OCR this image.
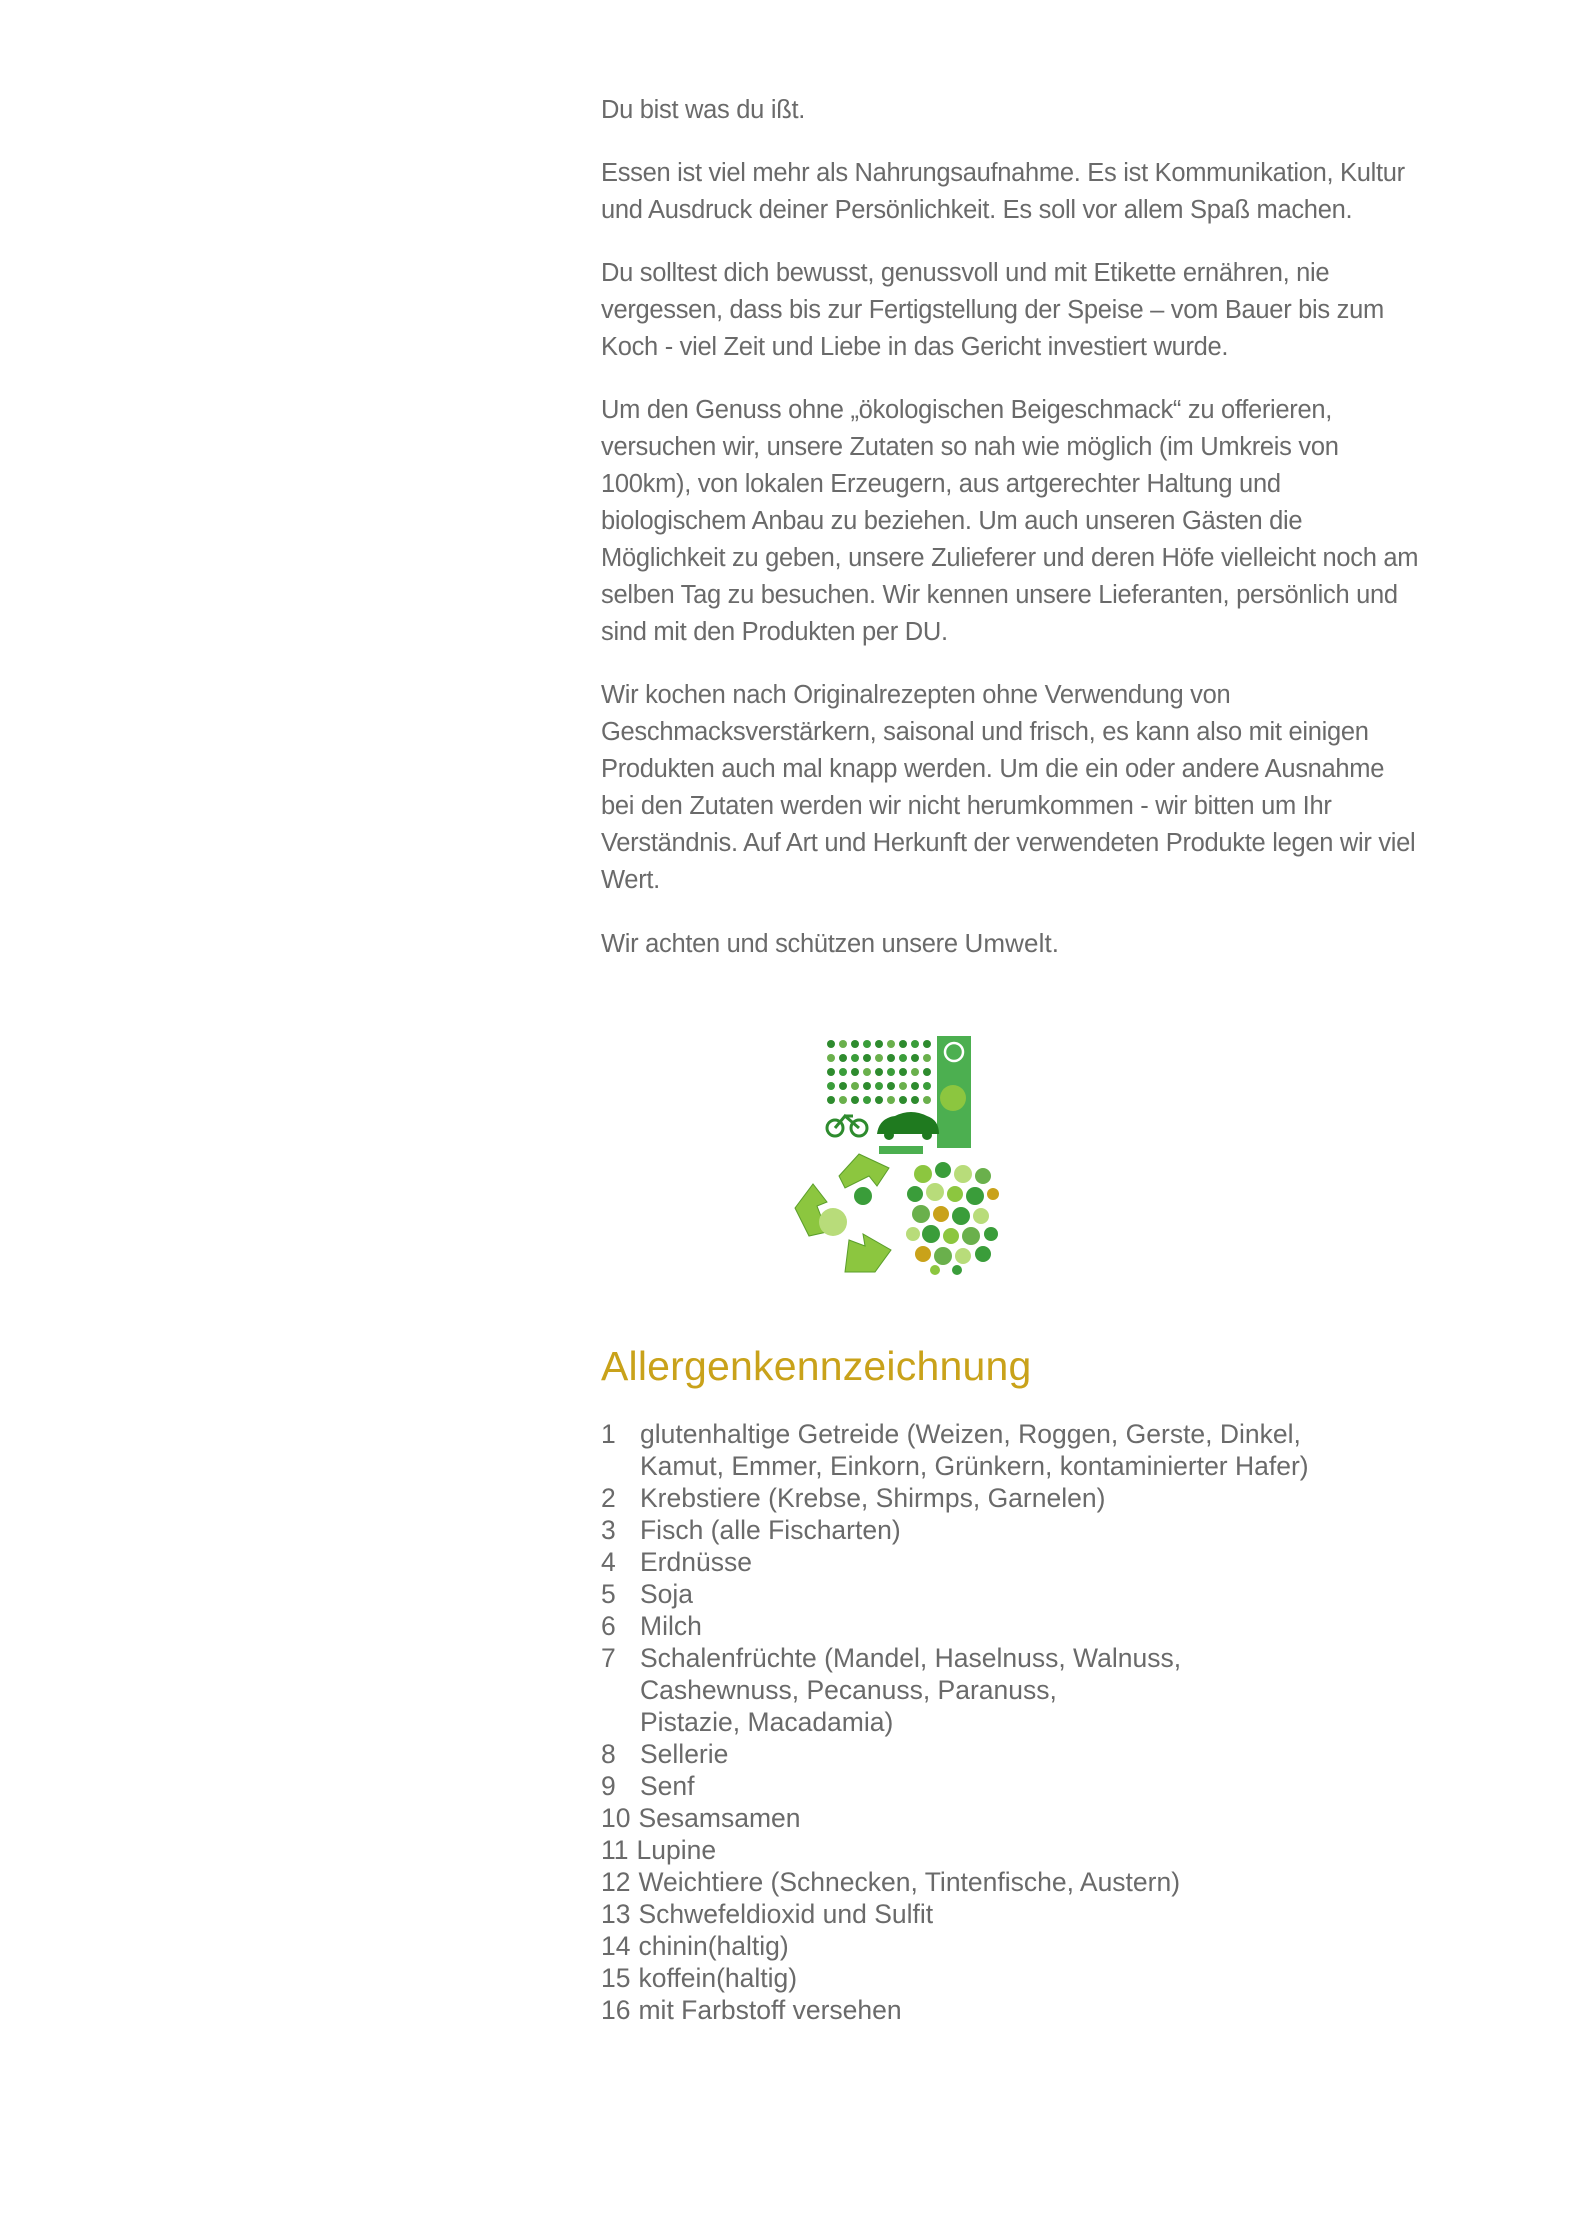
Du bist was du ißt.

Essen ist viel mehr als Nahrungsaufnahme. Es ist Kommunikation, Kultur und Ausdruck deiner Persönlichkeit. Es soll vor allem Spaß machen.

Du solltest dich bewusst, genussvoll und mit Etikette ernähren, nie vergessen, dass bis zur Fertigstellung der Speise – vom Bauer bis zum Koch - viel Zeit und Liebe in das Gericht investiert wurde.

Um den Genuss ohne „ökologischen Beigeschmack“ zu offerieren, versuchen wir, unsere Zutaten so nah wie möglich (im Umkreis von 100km), von lokalen Erzeugern, aus artgerechter Haltung und biologischem Anbau zu beziehen. Um auch unseren Gästen die Möglichkeit zu geben, unsere Zulieferer und deren Höfe vielleicht noch am selben Tag zu besuchen. Wir kennen unsere Lieferanten, persönlich und sind mit den Produkten per DU.

Wir kochen nach Originalrezepten ohne Verwendung von Geschmacksverstärkern, saisonal und frisch, es kann also mit einigen Produkten auch mal knapp werden. Um die ein oder andere Ausnahme bei den Zutaten werden wir nicht herumkommen - wir bitten um Ihr Verständnis. Auf Art und Herkunft der verwendeten Produkte legen wir viel Wert.

Wir achten und schützen unsere Umwelt.

Allergenkennzeichnung
1 glutenhaltige Getreide (Weizen, Roggen, Gerste, Dinkel,
Kamut, Emmer, Einkorn, Grünkern, kontaminierter Hafer)
2 Krebstiere (Krebse, Shirmps, Garnelen)
3 Fisch (alle Fischarten)
4 Erdnüsse
5 Soja
6 Milch
7 Schalenfrüchte (Mandel, Haselnuss, Walnuss,
Cashewnuss, Pecanuss, Paranuss,
Pistazie, Macadamia)
8 Sellerie
9 Senf
10 Sesamsamen
11 Lupine
12 Weichtiere (Schnecken, Tintenfische, Austern)
13 Schwefeldioxid und Sulfit
14 chinin(haltig)
15 koffein(haltig)
16 mit Farbstoff versehen
